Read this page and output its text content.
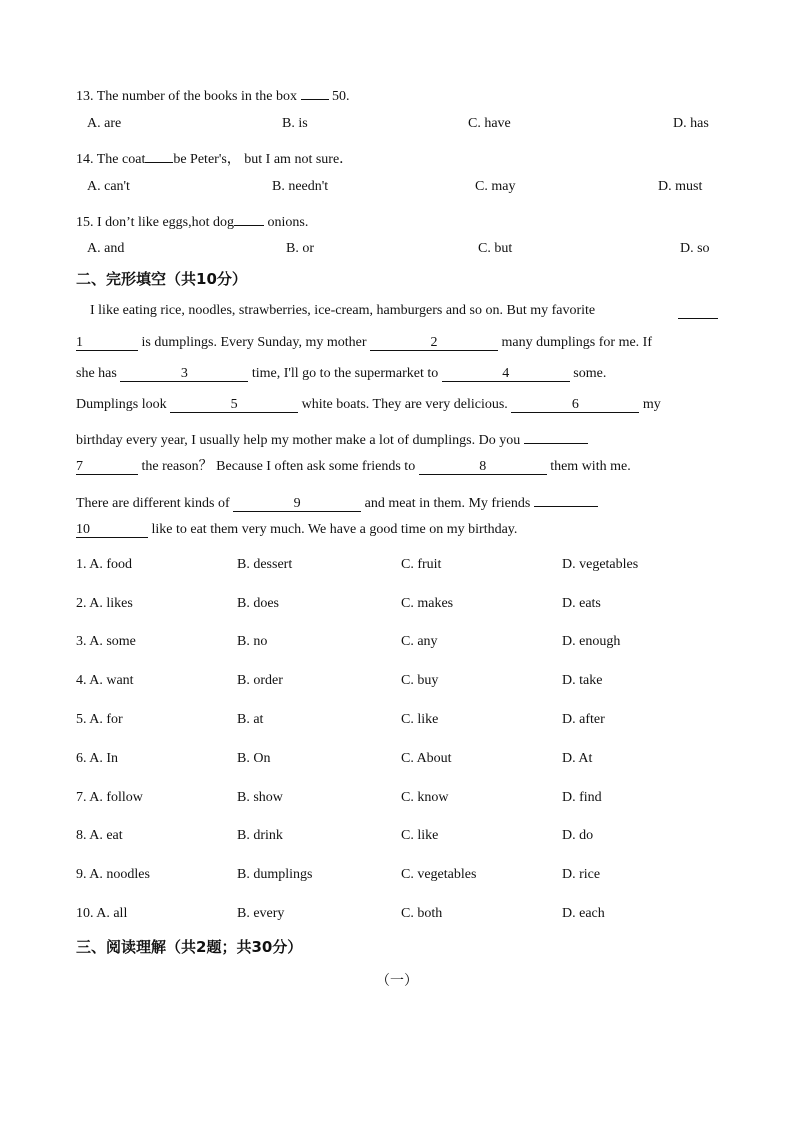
13. The number of the books in the box  50.
A. are	B. is	C. have	D. has
14. The coat be Peter's， but I am not sure．
A. can't	B. needn't	C. may	D. must
15. I don’t like eggs,hot dog onions.
A. and	B. or	C. but	D. so
二、完形填空（共10分）
I like eating rice, noodles, strawberries, ice-cream, hamburgers and so on. But my favorite
1	is dumplings. Every Sunday, my mother	2	many dumplings for me. If
she has	3	time, I'll go to the supermarket to	4	some.
Dumplings look	5	white boats. They are very delicious.	6	my
birthday every year, I usually help my mother make a lot of dumplings. Do you
7	the reason？ Because I often ask some friends to	8	them with me.
There are different kinds of	9	and meat in them. My friends
10	like to eat them very much. We have a good time on my birthday.
1. A. food	B. dessert	C. fruit	D. vegetables
2. A. likes	B. does	C. makes	D. eats
3. A. some	B. no	C. any	D. enough
4. A. want	B. order	C. buy	D. take
5. A. for	B. at	C. like	D. after
6. A. In	B. On	C. About	D. At
7. A. follow	B. show	C. know	D. find
8. A. eat	B. drink	C. like	D. do
9. A. noodles	B. dumplings	C. vegetables	D. rice
10. A. all	B. every	C. both	D. each
三、阅读理解（共2题；共30分）
（一）
